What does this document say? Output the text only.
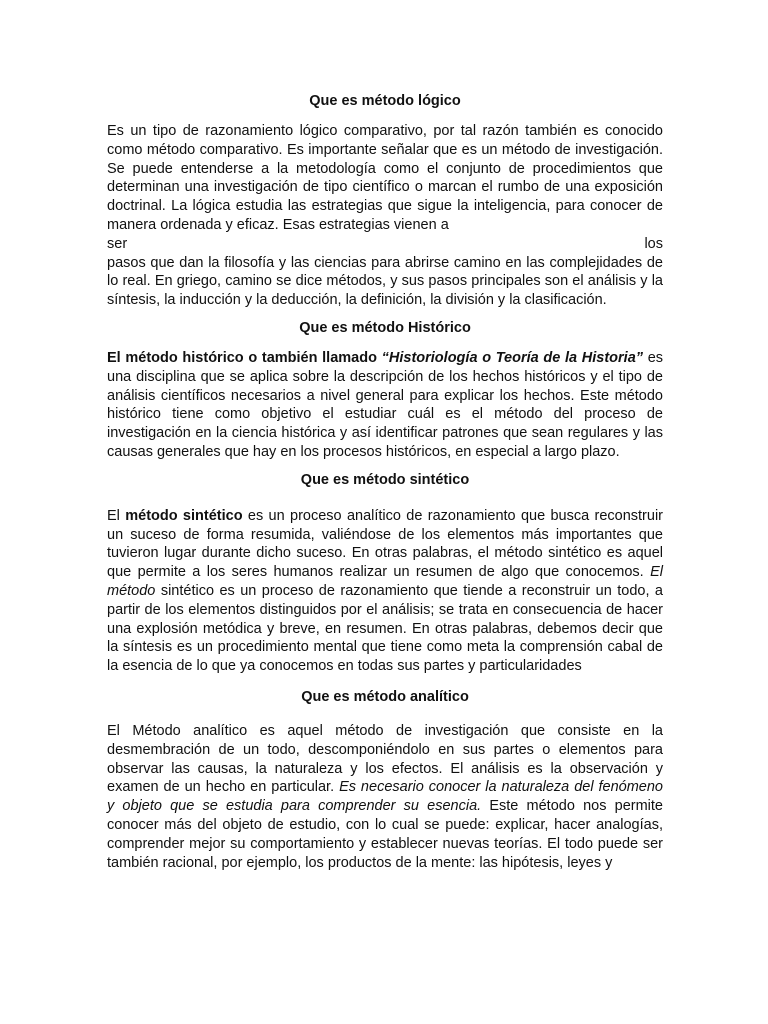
Que es método lógico
Es un tipo de razonamiento lógico comparativo, por tal razón también es conocido como método comparativo. Es importante señalar que es un método de investigación. Se puede entenderse a la metodología como el conjunto de procedimientos que determinan una investigación de tipo científico o marcan el rumbo de una exposición doctrinal. La lógica estudia las estrategias que sigue la inteligencia, para conocer de manera ordenada y eficaz. Esas estrategias vienen a
ser	los
pasos que dan la filosofía y las ciencias para abrirse camino en las complejidades de lo real. En griego, camino se dice métodos, y sus pasos principales son el análisis y la síntesis, la inducción y la deducción, la definición, la división y la clasificación.
Que es método Histórico
El método histórico o también llamado “Historiología o Teoría de la Historia” es una disciplina que se aplica sobre la descripción de los hechos históricos y el tipo de análisis científicos necesarios a nivel general para explicar los hechos. Este método histórico tiene como objetivo el estudiar cuál es el método del proceso de investigación en la ciencia histórica y así identificar patrones que sean regulares y las causas generales que hay en los procesos históricos, en especial a largo plazo.
Que es método sintético
El método sintético es un proceso analítico de razonamiento que busca reconstruir un suceso de forma resumida, valiéndose de los elementos más importantes que tuvieron lugar durante dicho suceso. En otras palabras, el método sintético es aquel que permite a los seres humanos realizar un resumen de algo que conocemos. El método sintético es un proceso de razonamiento que tiende a reconstruir un todo, a partir de los elementos distinguidos por el análisis; se trata en consecuencia de hacer una explosión metódica y breve, en resumen. En otras palabras, debemos decir que la síntesis es un procedimiento mental que tiene como meta la comprensión cabal de la esencia de lo que ya conocemos en todas sus partes y particularidades
Que es método analítico
El Método analítico es aquel método de investigación que consiste en la desmembración de un todo, descomponiéndolo en sus partes o elementos para observar las causas, la naturaleza y los efectos. El análisis es la observación y examen de un hecho en particular. Es necesario conocer la naturaleza del fenómeno y objeto que se estudia para comprender su esencia. Este método nos permite conocer más del objeto de estudio, con lo cual se puede: explicar, hacer analogías, comprender mejor su comportamiento y establecer nuevas teorías. El todo puede ser también racional, por ejemplo, los productos de la mente: las hipótesis, leyes y
